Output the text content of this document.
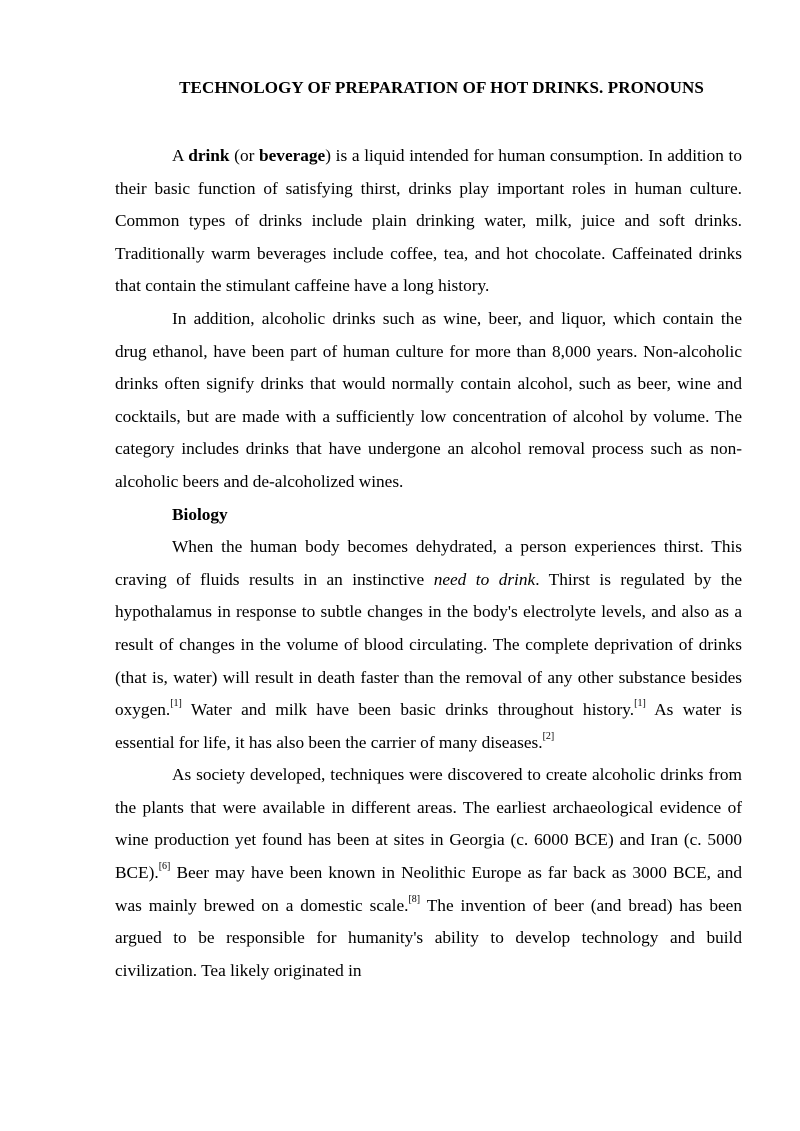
TECHNOLOGY OF PREPARATION OF HOT DRINKS. PRONOUNS

A drink (or beverage) is a liquid intended for human consumption. In addition to their basic function of satisfying thirst, drinks play important roles in human culture. Common types of drinks include plain drinking water, milk, juice and soft drinks. Traditionally warm beverages include coffee, tea, and hot chocolate. Caffeinated drinks that contain the stimulant caffeine have a long history.

In addition, alcoholic drinks such as wine, beer, and liquor, which contain the drug ethanol, have been part of human culture for more than 8,000 years. Non-alcoholic drinks often signify drinks that would normally contain alcohol, such as beer, wine and cocktails, but are made with a sufficiently low concentration of alcohol by volume. The category includes drinks that have undergone an alcohol removal process such as non-alcoholic beers and de-alcoholized wines.

Biology

When the human body becomes dehydrated, a person experiences thirst. This craving of fluids results in an instinctive need to drink. Thirst is regulated by the hypothalamus in response to subtle changes in the body's electrolyte levels, and also as a result of changes in the volume of blood circulating. The complete deprivation of drinks (that is, water) will result in death faster than the removal of any other substance besides oxygen.[1] Water and milk have been basic drinks throughout history.[1] As water is essential for life, it has also been the carrier of many diseases.[2]

As society developed, techniques were discovered to create alcoholic drinks from the plants that were available in different areas. The earliest archaeological evidence of wine production yet found has been at sites in Georgia (c. 6000 BCE) and Iran (c. 5000 BCE).[6] Beer may have been known in Neolithic Europe as far back as 3000 BCE, and was mainly brewed on a domestic scale.[8] The invention of beer (and bread) has been argued to be responsible for humanity's ability to develop technology and build civilization. Tea likely originated in
